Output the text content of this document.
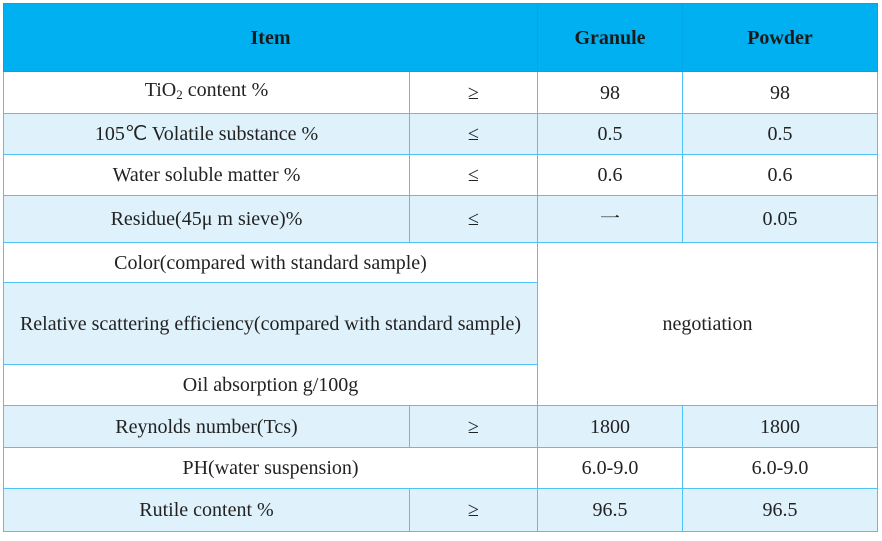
Item		Granule	Powder
TiO$_2$ content %	≥	98	98
105℃ Volatile substance %	≤	0.5	0.5
Water soluble matter %	≤	0.6	0.6
Residue(45μ m sieve)%	≤	一	0.05
Color(compared with standard sample)		negotiation	
Relative scattering efficiency(compared with standard sample)			
Oil absorption g/100g			
Reynolds number(Tcs)	≥	1800	1800
PH(water suspension)		6.0-9.0	6.0-9.0
Rutile content %	≥	96.5	96.5
